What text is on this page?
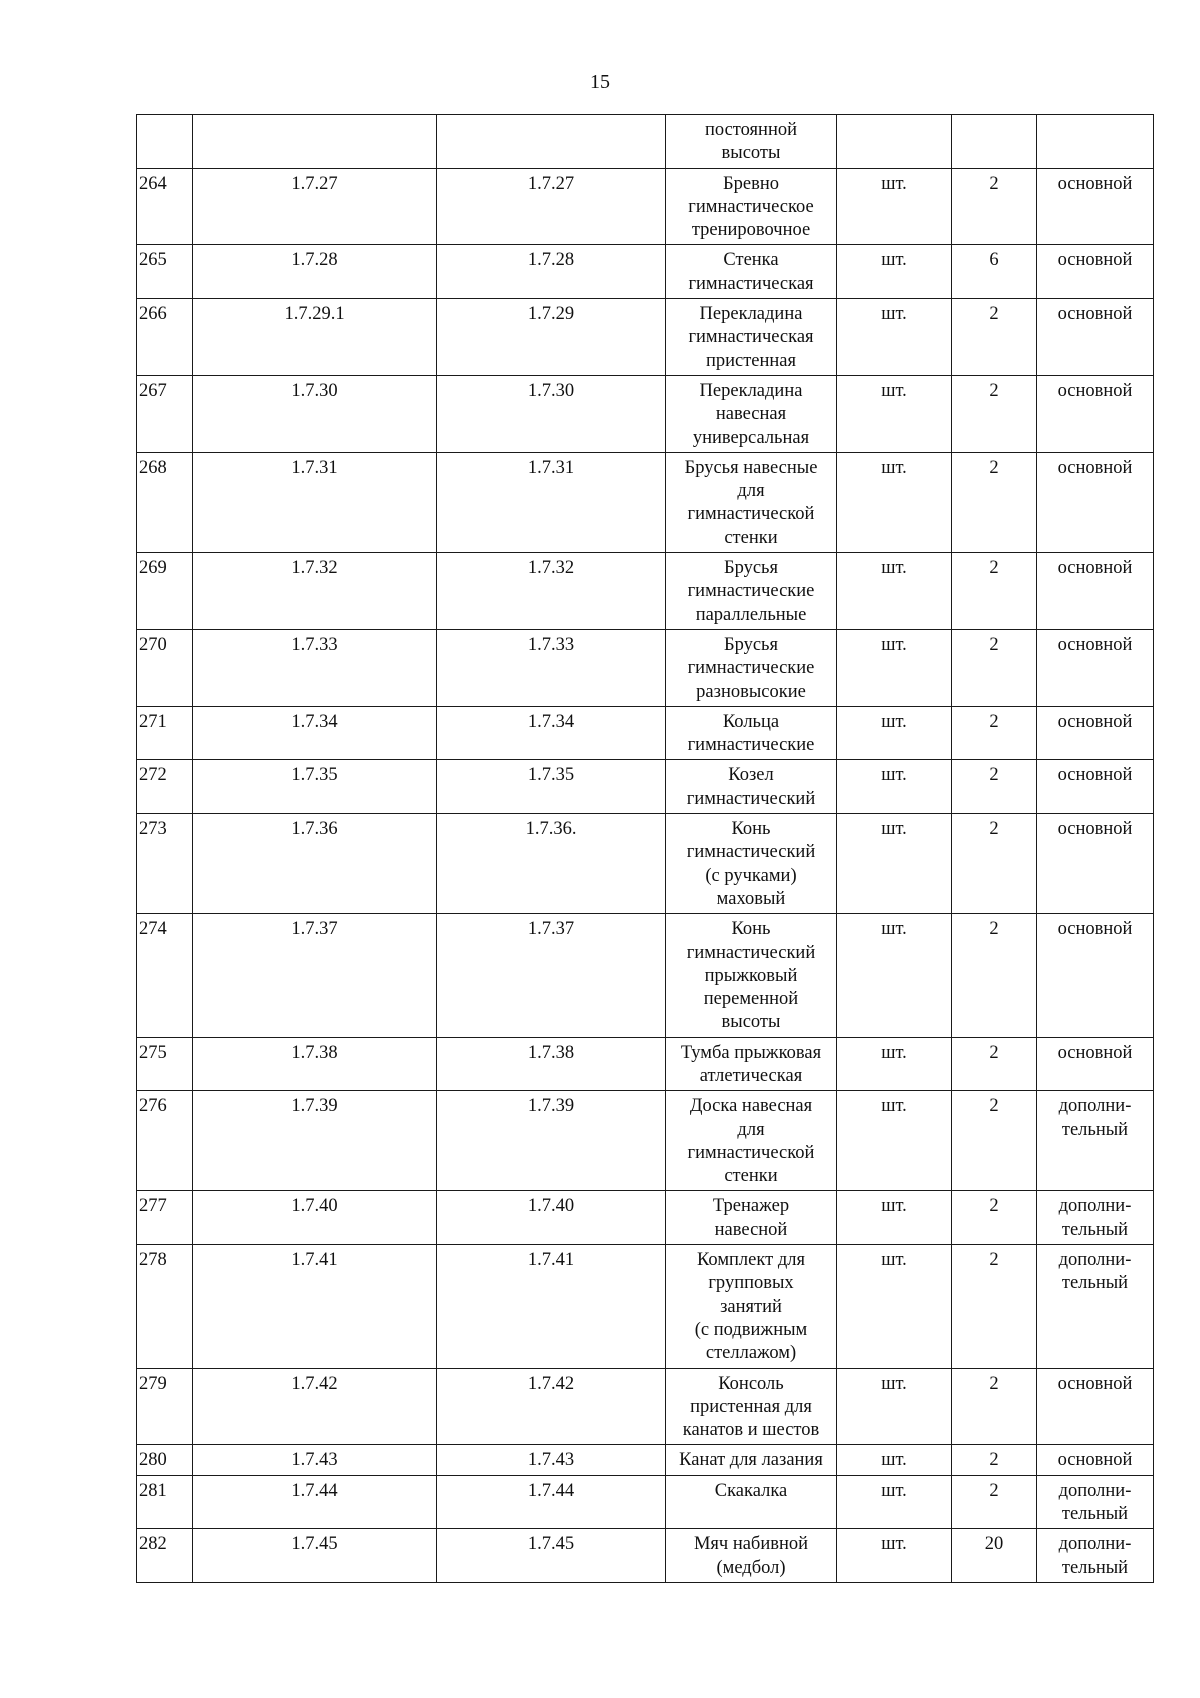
15
			постоянной
высоты			
264	1.7.27	1.7.27	Бревно
гимнастическое
тренировочное	шт.	2	основной
265	1.7.28	1.7.28	Стенка
гимнастическая	шт.	6	основной
266	1.7.29.1	1.7.29	Перекладина
гимнастическая
пристенная	шт.	2	основной
267	1.7.30	1.7.30	Перекладина
навесная
универсальная	шт.	2	основной
268	1.7.31	1.7.31	Брусья навесные
для
гимнастической
стенки	шт.	2	основной
269	1.7.32	1.7.32	Брусья
гимнастические
параллельные	шт.	2	основной
270	1.7.33	1.7.33	Брусья
гимнастические
разновысокие	шт.	2	основной
271	1.7.34	1.7.34	Кольца
гимнастические	шт.	2	основной
272	1.7.35	1.7.35	Козел
гимнастический	шт.	2	основной
273	1.7.36	1.7.36.	Конь
гимнастический
(с ручками)
маховый	шт.	2	основной
274	1.7.37	1.7.37	Конь
гимнастический
прыжковый
переменной
высоты	шт.	2	основной
275	1.7.38	1.7.38	Тумба прыжковая
атлетическая	шт.	2	основной
276	1.7.39	1.7.39	Доска навесная
для
гимнастической
стенки	шт.	2	дополни-
тельный
277	1.7.40	1.7.40	Тренажер
навесной	шт.	2	дополни-
тельный
278	1.7.41	1.7.41	Комплект для
групповых
занятий
(с подвижным
стеллажом)	шт.	2	дополни-
тельный
279	1.7.42	1.7.42	Консоль
пристенная для
канатов и шестов	шт.	2	основной
280	1.7.43	1.7.43	Канат для лазания	шт.	2	основной
281	1.7.44	1.7.44	Скакалка	шт.	2	дополни-
тельный
282	1.7.45	1.7.45	Мяч набивной
(медбол)	шт.	20	дополни-
тельный
